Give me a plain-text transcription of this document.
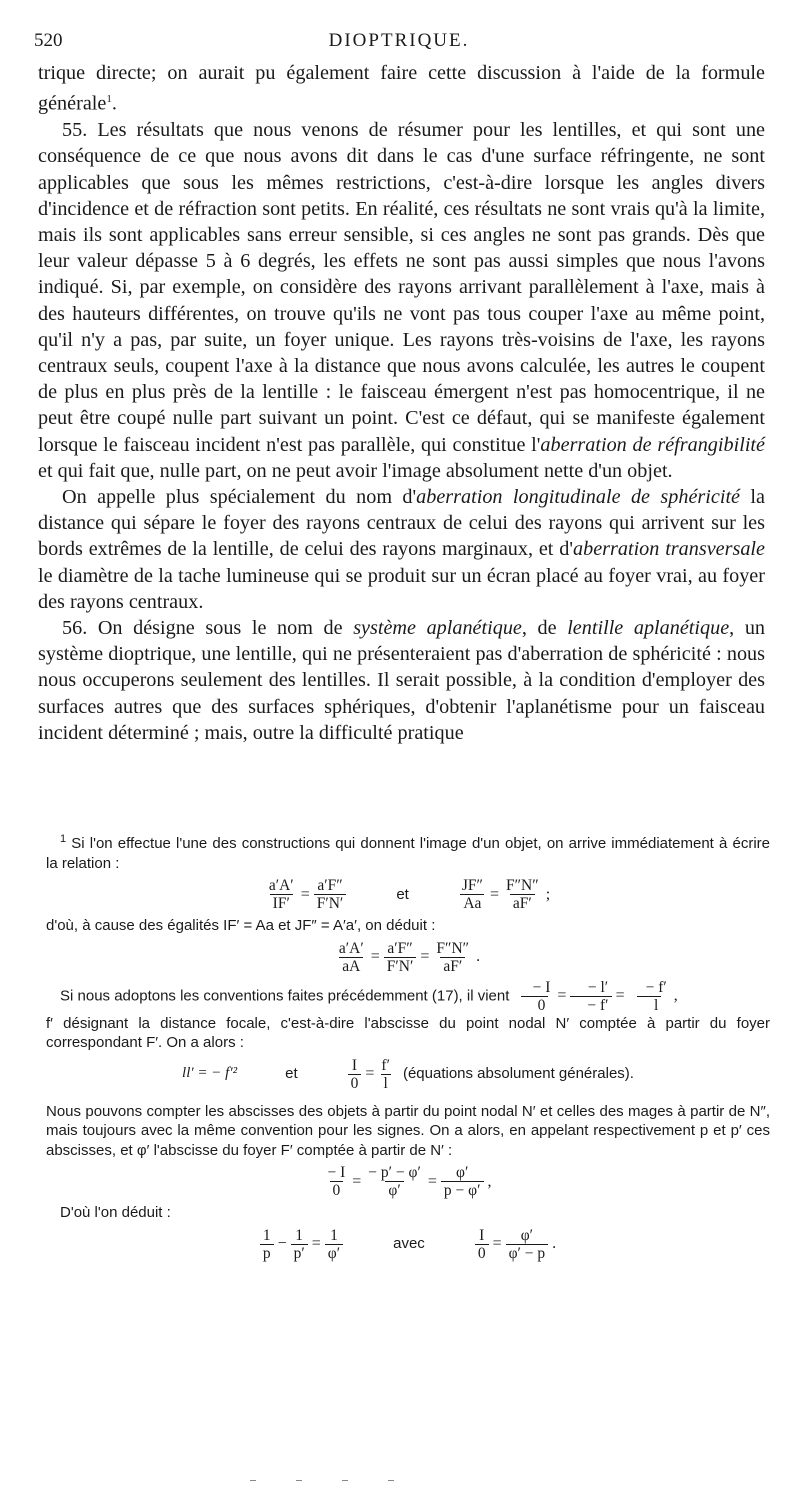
520	DIOPTRIQUE.

trique directe; on aurait pu également faire cette discussion à l'aide de la formule générale$^1$.

55. Les résultats que nous venons de résumer pour les lentilles, et qui sont une conséquence de ce que nous avons dit dans le cas d'une surface réfringente, ne sont applicables que sous les mêmes restrictions, c'est-à-dire lorsque les angles divers d'incidence et de réfraction sont petits. En réalité, ces résultats ne sont vrais qu'à la limite, mais ils sont applicables sans erreur sensible, si ces angles ne sont pas grands. Dès que leur valeur dépasse 5 à 6 degrés, les effets ne sont pas aussi simples que nous l'avons indiqué. Si, par exemple, on considère des rayons arrivant parallèlement à l'axe, mais à des hauteurs différentes, on trouve qu'ils ne vont pas tous couper l'axe au même point, qu'il n'y a pas, par suite, un foyer unique. Les rayons très-voisins de l'axe, les rayons centraux seuls, coupent l'axe à la distance que nous avons calculée, les autres le coupent de plus en plus près de la lentille : le faisceau émergent n'est pas homocentrique, il ne peut être coupé nulle part suivant un point. C'est ce défaut, qui se manifeste également lorsque le faisceau incident n'est pas parallèle, qui constitue l'aberration de réfrangibilité et qui fait que, nulle part, on ne peut avoir l'image absolument nette d'un objet.

On appelle plus spécialement du nom d'aberration longitudinale de sphéricité la distance qui sépare le foyer des rayons centraux de celui des rayons qui arrivent sur les bords extrêmes de la lentille, de celui des rayons marginaux, et d'aberration transversale le diamètre de la tache lumineuse qui se produit sur un écran placé au foyer vrai, au foyer des rayons centraux.

56. On désigne sous le nom de système aplanétique, de lentille aplanétique, un système dioptrique, une lentille, qui ne présenteraient pas d'aberration de sphéricité : nous nous occuperons seulement des lentilles. Il serait possible, à la condition d'employer des surfaces autres que des surfaces sphériques, d'obtenir l'aplanétisme pour un faisceau incident déterminé ; mais, outre la difficulté pratique

$^1$ Si l'on effectue l'une des constructions qui donnent l'image d'un objet, on arrive immédiatement à écrire la relation :

$\frac{a'A'}{IF'} = \frac{a'F''}{F'N'}$	et	$\frac{JF''}{Aa} = \frac{F''N''}{aF'}$ ;

d'où, à cause des égalités IF′ = Aa et JF″ = A′a′, on déduit :

$\frac{a'A'}{aA} = \frac{a'F''}{F'N'} = \frac{F''N''}{aF'}$ .

Si nous adoptons les conventions faites précédemment (17), il vient $\frac{- I}{0} = \frac{- l'}{- f'} = \frac{- f'}{l}$ ,

f′ désignant la distance focale, c'est-à-dire l'abscisse du point nodal N′ comptée à partir du foyer correspondant F′. On a alors :

ll′ = − f′²	et	$\frac{I}{0} = \frac{f'}{l}$ (équations absolument générales).

Nous pouvons compter les abscisses des objets à partir du point nodal N′ et celles des mages à partir de N″, mais toujours avec la même convention pour les signes. On a alors, en appelant respectivement p et p′ ces abscisses, et φ′ l'abscisse du foyer F′ comptée à partir de N′ :

$\frac{- I}{0} = \frac{- p' - \varphi'}{\varphi'} = \frac{\varphi'}{p - \varphi'}$ ,

D'où l'on déduit :

$\frac{1}{p} - \frac{1}{p'} = \frac{1}{\varphi'}$	avec	$\frac{I}{0} = \frac{\varphi'}{\varphi' - p}$ .
